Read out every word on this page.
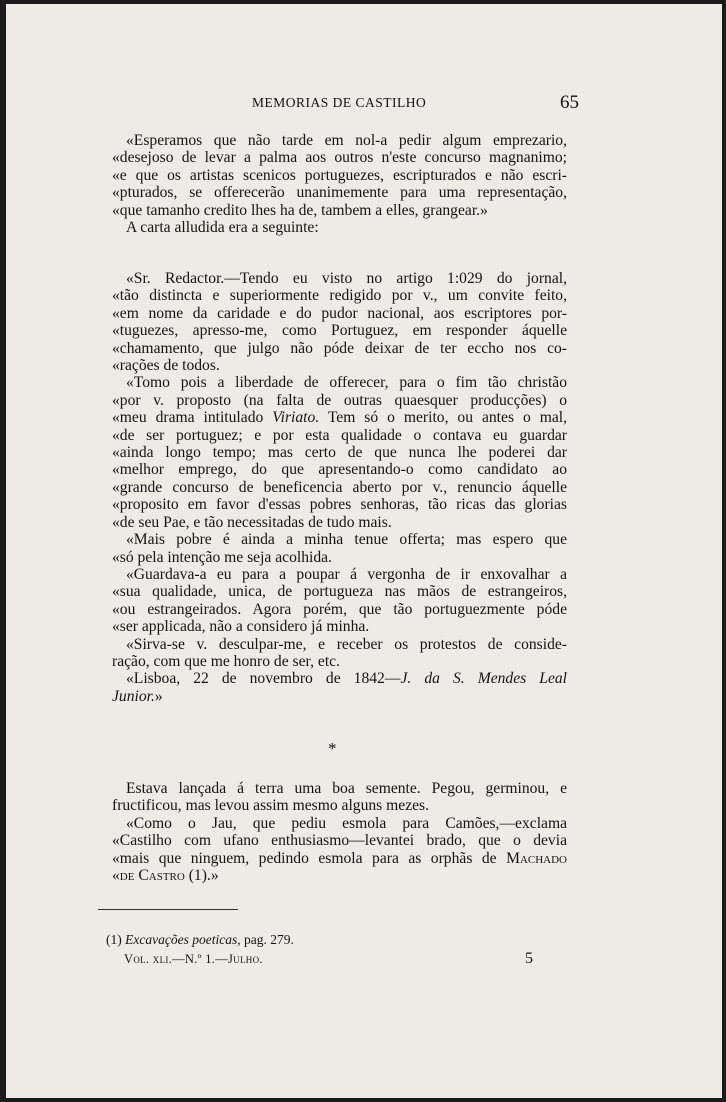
MEMORIAS DE CASTILHO	65
«Esperamos que não tarde em nol-a pedir algum emprezario,
«desejoso de levar a palma aos outros n'este concurso magnanimo;
«e que os artistas scenicos portuguezes, escripturados e não escri-
«pturados, se offerecerão unanimemente para uma representação,
«que tamanho credito lhes ha de, tambem a elles, grangear.»
A carta alludida era a seguinte:
«Sr. Redactor.—Tendo eu visto no artigo 1:029 do jornal,
«tão distincta e superiormente redigido por v., um convite feito,
«em nome da caridade e do pudor nacional, aos escriptores por-
«tuguezes, apresso-me, como Portuguez, em responder áquelle
«chamamento, que julgo não póde deixar de ter eccho nos co-
«rações de todos.
«Tomo pois a liberdade de offerecer, para o fim tão christão
«por v. proposto (na falta de outras quaesquer producções) o
«meu drama intitulado Viriato. Tem só o merito, ou antes o mal,
«de ser portuguez; e por esta qualidade o contava eu guardar
«ainda longo tempo; mas certo de que nunca lhe poderei dar
«melhor emprego, do que apresentando-o como candidato ao
«grande concurso de beneficencia aberto por v., renuncio áquelle
«proposito em favor d'essas pobres senhoras, tão ricas das glorias
«de seu Pae, e tão necessitadas de tudo mais.
«Mais pobre é ainda a minha tenue offerta; mas espero que
«só pela intenção me seja acolhida.
«Guardava-a eu para a poupar á vergonha de ir enxovalhar a
«sua qualidade, unica, de portugueza nas mãos de estrangeiros,
«ou estrangeirados. Agora porém, que tão portuguezmente póde
«ser applicada, não a considero já minha.
«Sirva-se v. desculpar-me, e receber os protestos de conside-
ração, com que me honro de ser, etc.
«Lisboa, 22 de novembro de 1842—J. da S. Mendes Leal
Junior.»
*
Estava lançada á terra uma boa semente. Pegou, germinou, e
fructificou, mas levou assim mesmo alguns mezes.
«Como o Jau, que pediu esmola para Camões,—exclama
«Castilho com ufano enthusiasmo—levantei brado, que o devia
«mais que ninguem, pedindo esmola para as orphãs de Machado
«de Castro (1).»
(1) Excavações poeticas, pag. 279.
Vol. xli.—N.º 1.—Julho.	5
